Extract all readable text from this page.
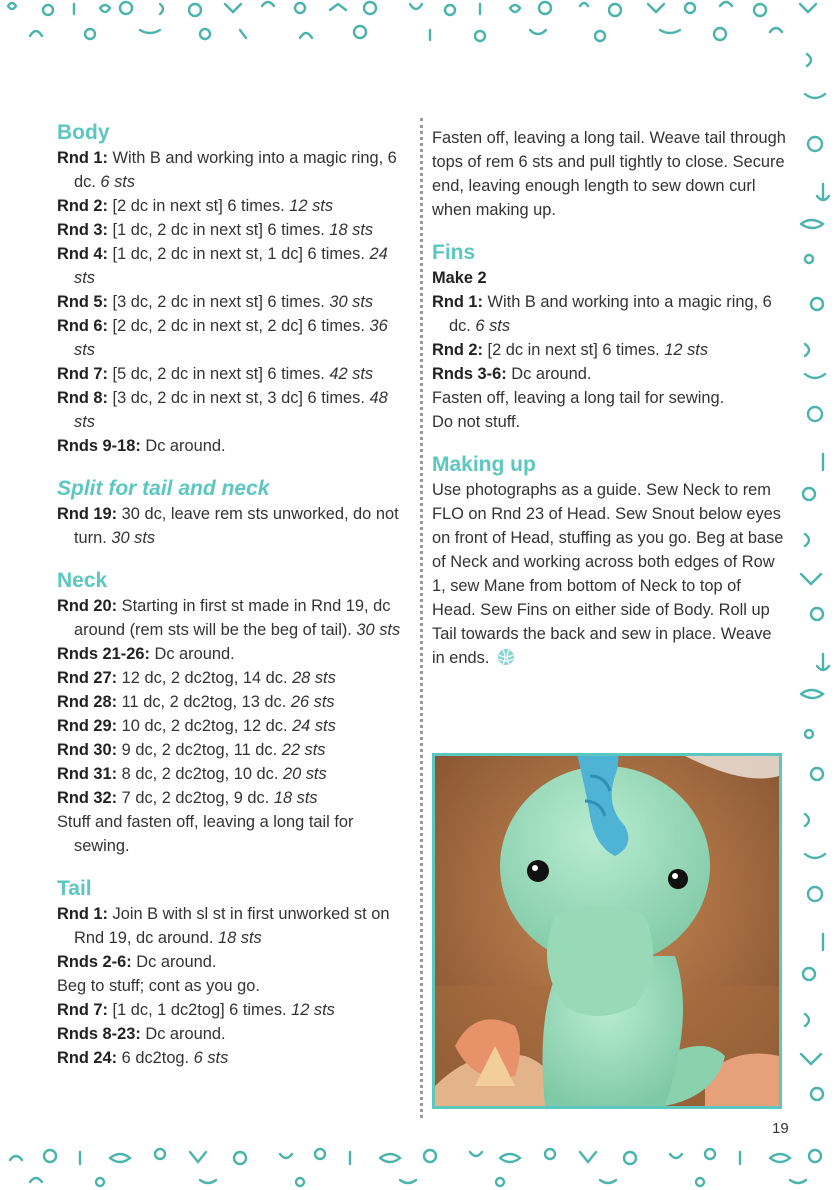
Body
Rnd 1: With B and working into a magic ring, 6 dc. 6 sts
Rnd 2: [2 dc in next st] 6 times. 12 sts
Rnd 3: [1 dc, 2 dc in next st] 6 times. 18 sts
Rnd 4: [1 dc, 2 dc in next st, 1 dc] 6 times. 24 sts
Rnd 5: [3 dc, 2 dc in next st] 6 times. 30 sts
Rnd 6: [2 dc, 2 dc in next st, 2 dc] 6 times. 36 sts
Rnd 7: [5 dc, 2 dc in next st] 6 times. 42 sts
Rnd 8: [3 dc, 2 dc in next st, 3 dc] 6 times. 48 sts
Rnds 9-18: Dc around.
Split for tail and neck
Rnd 19: 30 dc, leave rem sts unworked, do not turn. 30 sts
Neck
Rnd 20: Starting in first st made in Rnd 19, dc around (rem sts will be the beg of tail). 30 sts
Rnds 21-26: Dc around.
Rnd 27: 12 dc, 2 dc2tog, 14 dc. 28 sts
Rnd 28: 11 dc, 2 dc2tog, 13 dc. 26 sts
Rnd 29: 10 dc, 2 dc2tog, 12 dc. 24 sts
Rnd 30: 9 dc, 2 dc2tog, 11 dc. 22 sts
Rnd 31: 8 dc, 2 dc2tog, 10 dc. 20 sts
Rnd 32: 7 dc, 2 dc2tog, 9 dc. 18 sts
Stuff and fasten off, leaving a long tail for sewing.
Tail
Rnd 1: Join B with sl st in first unworked st on Rnd 19, dc around. 18 sts
Rnds 2-6: Dc around.
Beg to stuff; cont as you go.
Rnd 7: [1 dc, 1 dc2tog] 6 times. 12 sts
Rnds 8-23: Dc around.
Rnd 24: 6 dc2tog. 6 sts
Fasten off, leaving a long tail. Weave tail through tops of rem 6 sts and pull tightly to close. Secure end, leaving enough length to sew down curl when making up.
Fins
Make 2
Rnd 1: With B and working into a magic ring, 6 dc. 6 sts
Rnd 2: [2 dc in next st] 6 times. 12 sts
Rnds 3-6: Dc around.
Fasten off, leaving a long tail for sewing.
Do not stuff.
Making up
Use photographs as a guide. Sew Neck to rem FLO on Rnd 23 of Head. Sew Snout below eyes on front of Head, stuffing as you go. Beg at base of Neck and working across both edges of Row 1, sew Mane from bottom of Neck to top of Head. Sew Fins on either side of Body. Roll up Tail towards the back and sew in place. Weave in ends.
19
